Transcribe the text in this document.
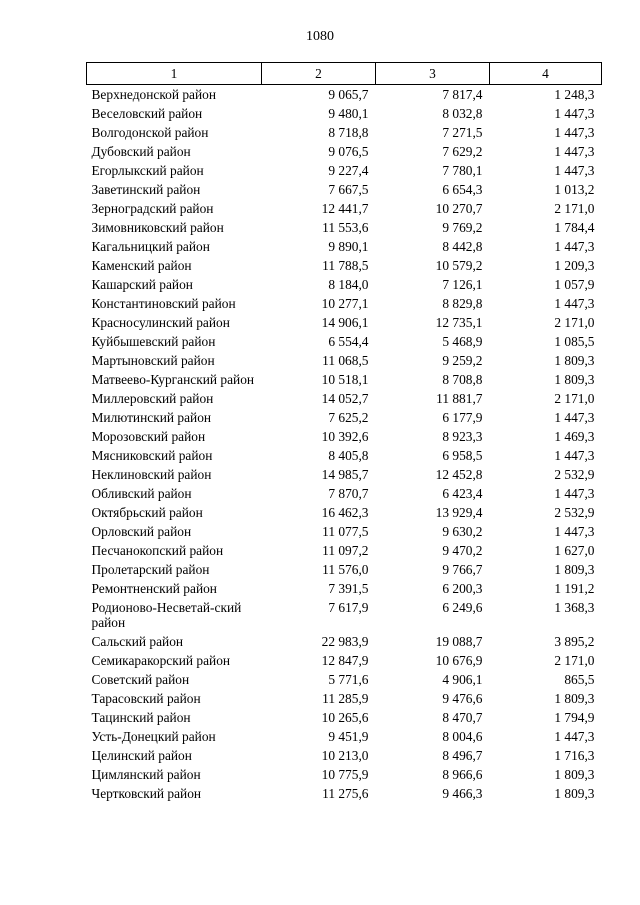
1080
1	2	3	4
Верхнедонской район	9 065,7	7 817,4	1 248,3
Веселовский район	9 480,1	8 032,8	1 447,3
Волгодонской район	8 718,8	7 271,5	1 447,3
Дубовский район	9 076,5	7 629,2	1 447,3
Егорлыкский район	9 227,4	7 780,1	1 447,3
Заветинский район	7 667,5	6 654,3	1 013,2
Зерноградский район	12 441,7	10 270,7	2 171,0
Зимовниковский район	11 553,6	9 769,2	1 784,4
Кагальницкий район	9 890,1	8 442,8	1 447,3
Каменский район	11 788,5	10 579,2	1 209,3
Кашарский район	8 184,0	7 126,1	1 057,9
Константиновский район	10 277,1	8 829,8	1 447,3
Красносулинский район	14 906,1	12 735,1	2 171,0
Куйбышевский район	6 554,4	5 468,9	1 085,5
Мартыновский район	11 068,5	9 259,2	1 809,3
Матвеево-Курганский район	10 518,1	8 708,8	1 809,3
Миллеровский район	14 052,7	11 881,7	2 171,0
Милютинский район	7 625,2	6 177,9	1 447,3
Морозовский район	10 392,6	8 923,3	1 469,3
Мясниковский район	8 405,8	6 958,5	1 447,3
Неклиновский район	14 985,7	12 452,8	2 532,9
Обливский район	7 870,7	6 423,4	1 447,3
Октябрьский район	16 462,3	13 929,4	2 532,9
Орловский район	11 077,5	9 630,2	1 447,3
Песчанокопский район	11 097,2	9 470,2	1 627,0
Пролетарский район	11 576,0	9 766,7	1 809,3
Ремонтненский район	7 391,5	6 200,3	1 191,2
Родионово-Несветай-ский район	7 617,9	6 249,6	1 368,3
Сальский район	22 983,9	19 088,7	3 895,2
Семикаракорский район	12 847,9	10 676,9	2 171,0
Советский район	5 771,6	4 906,1	865,5
Тарасовский район	11 285,9	9 476,6	1 809,3
Тацинский район	10 265,6	8 470,7	1 794,9
Усть-Донецкий район	9 451,9	8 004,6	1 447,3
Целинский район	10 213,0	8 496,7	1 716,3
Цимлянский район	10 775,9	8 966,6	1 809,3
Чертковский район	11 275,6	9 466,3	1 809,3
